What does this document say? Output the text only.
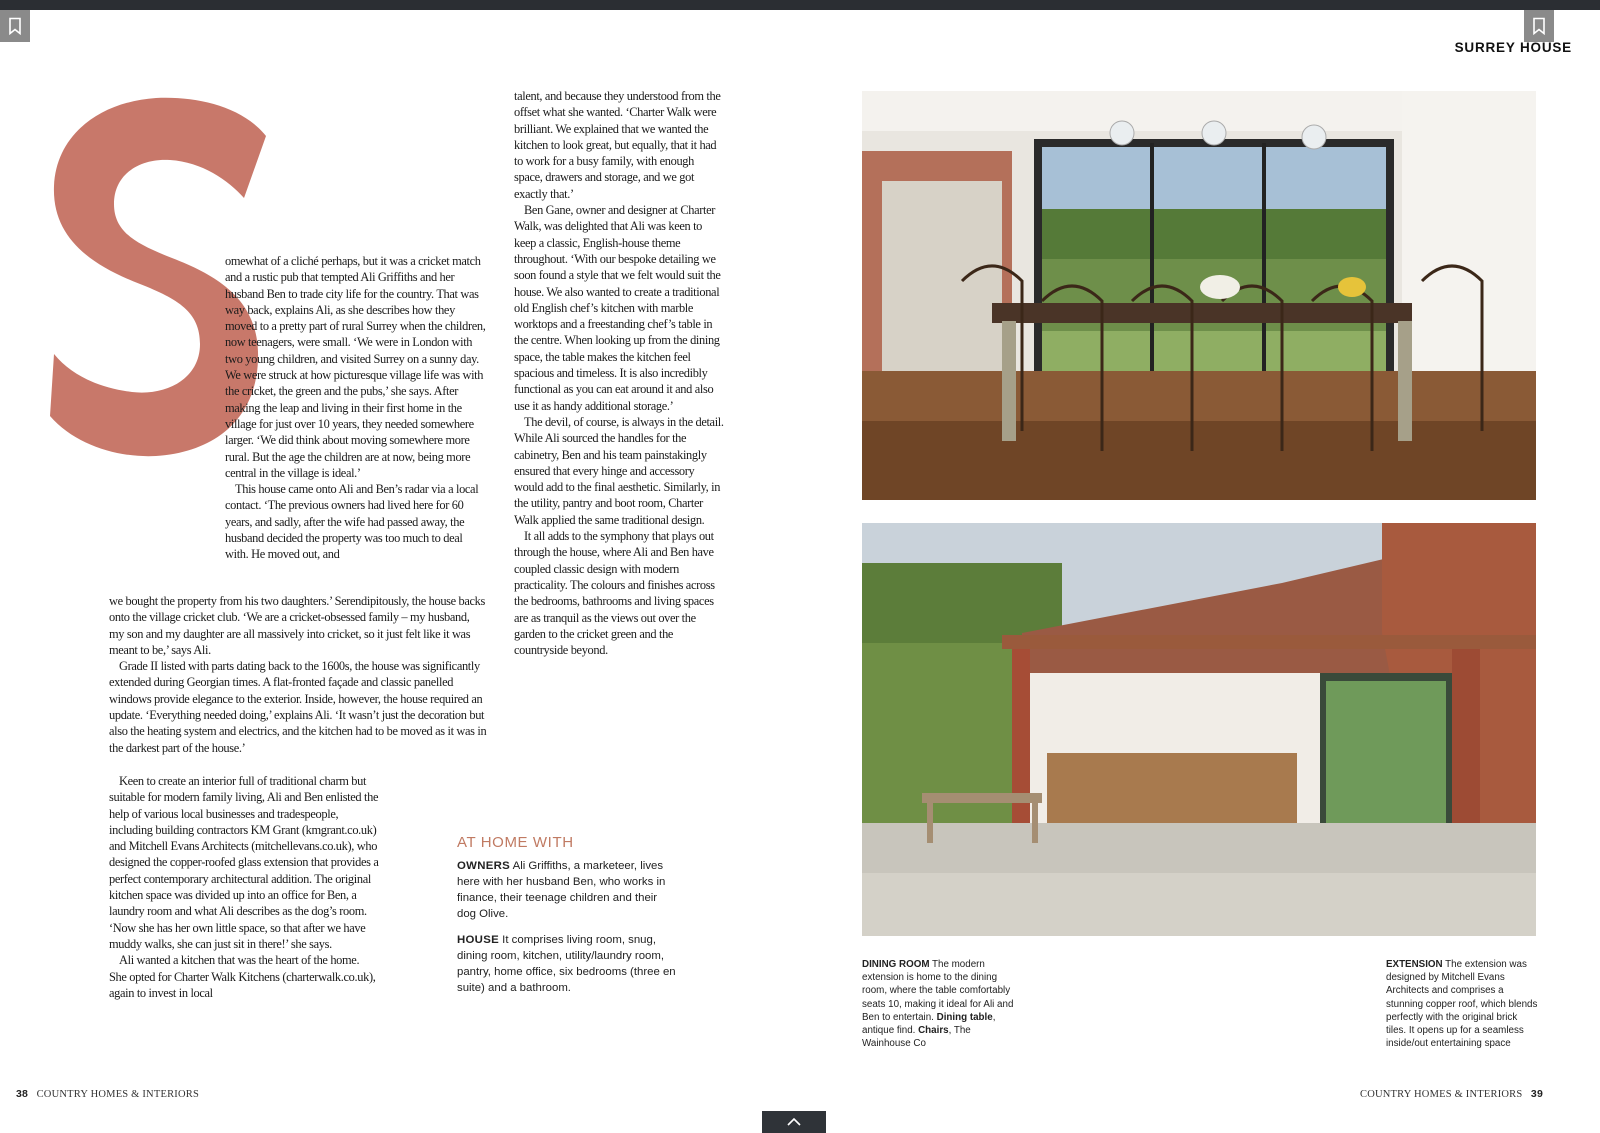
SURREY HOUSE

omewhat of a cliché perhaps, but it was a cricket match and a rustic pub that tempted Ali Griffiths and her husband Ben to trade city life for the country. That was way back, explains Ali, as she describes how they moved to a pretty part of rural Surrey when the children, now teenagers, were small. ‘We were in London with two young children, and visited Surrey on a sunny day. We were struck at how picturesque village life was with the cricket, the green and the pubs,’ she says. After making the leap and living in their first home in the village for just over 10 years, they needed somewhere larger. ‘We did think about moving somewhere more rural. But the age the children are at now, being more central in the village is ideal.’

This house came onto Ali and Ben’s radar via a local contact. ‘The previous owners had lived here for 60 years, and sadly, after the wife had passed away, the husband decided the property was too much to deal with. He moved out, and

we bought the property from his two daughters.’ Serendipitously, the house backs onto the village cricket club. ‘We are a cricket-obsessed family – my husband, my son and my daughter are all massively into cricket, so it just felt like it was meant to be,’ says Ali.

Grade II listed with parts dating back to the 1600s, the house was significantly extended during Georgian times. A flat-fronted façade and classic panelled windows provide elegance to the exterior. Inside, however, the house required an update. ‘Everything needed doing,’ explains Ali. ‘It wasn’t just the decoration but also the heating system and electrics, and the kitchen had to be moved as it was in the darkest part of the house.’

Keen to create an interior full of traditional charm but suitable for modern family living, Ali and Ben enlisted the help of various local businesses and tradespeople, including building contractors KM Grant (kmgrant.co.uk) and Mitchell Evans Architects (mitchellevans.co.uk), who designed the copper-roofed glass extension that provides a perfect contemporary architectural addition. The original kitchen space was divided up into an office for Ben, a laundry room and what Ali describes as the dog’s room. ‘Now she has her own little space, so that after we have muddy walks, she can just sit in there!’ she says.

Ali wanted a kitchen that was the heart of the home. She opted for Charter Walk Kitchens (charterwalk.co.uk), again to invest in local

talent, and because they understood from the offset what she wanted. ‘Charter Walk were brilliant. We explained that we wanted the kitchen to look great, but equally, that it had to work for a busy family, with enough space, drawers and storage, and we got exactly that.’

Ben Gane, owner and designer at Charter Walk, was delighted that Ali was keen to keep a classic, English-house theme throughout. ‘With our bespoke detailing we soon found a style that we felt would suit the house. We also wanted to create a traditional old English chef’s kitchen with marble worktops and a freestanding chef’s table in the centre. When looking up from the dining space, the table makes the kitchen feel spacious and timeless. It is also incredibly functional as you can eat around it and also use it as handy additional storage.’

The devil, of course, is always in the detail. While Ali sourced the handles for the cabinetry, Ben and his team painstakingly ensured that every hinge and accessory would add to the final aesthetic. Similarly, in the utility, pantry and boot room, Charter Walk applied the same traditional design.

It all adds to the symphony that plays out through the house, where Ali and Ben have coupled classic design with modern practicality. The colours and finishes across the bedrooms, bathrooms and living spaces are as tranquil as the views out over the garden to the cricket green and the countryside beyond.

AT HOME WITH
OWNERS Ali Griffiths, a marketeer, lives here with her husband Ben, who works in finance, their teenage children and their dog Olive.
HOUSE It comprises living room, snug, dining room, kitchen, utility/laundry room, pantry, home office, six bedrooms (three en suite) and a bathroom.
DINING ROOM The modern extension is home to the dining room, where the table comfortably seats 10, making it ideal for Ali and Ben to entertain. Dining table, antique find. Chairs, The Wainhouse Co
EXTENSION The extension was designed by Mitchell Evans Architects and comprises a stunning copper roof, which blends perfectly with the original brick tiles. It opens up for a seamless inside/out entertaining space
38 COUNTRY HOMES & INTERIORS	COUNTRY HOMES & INTERIORS 39
